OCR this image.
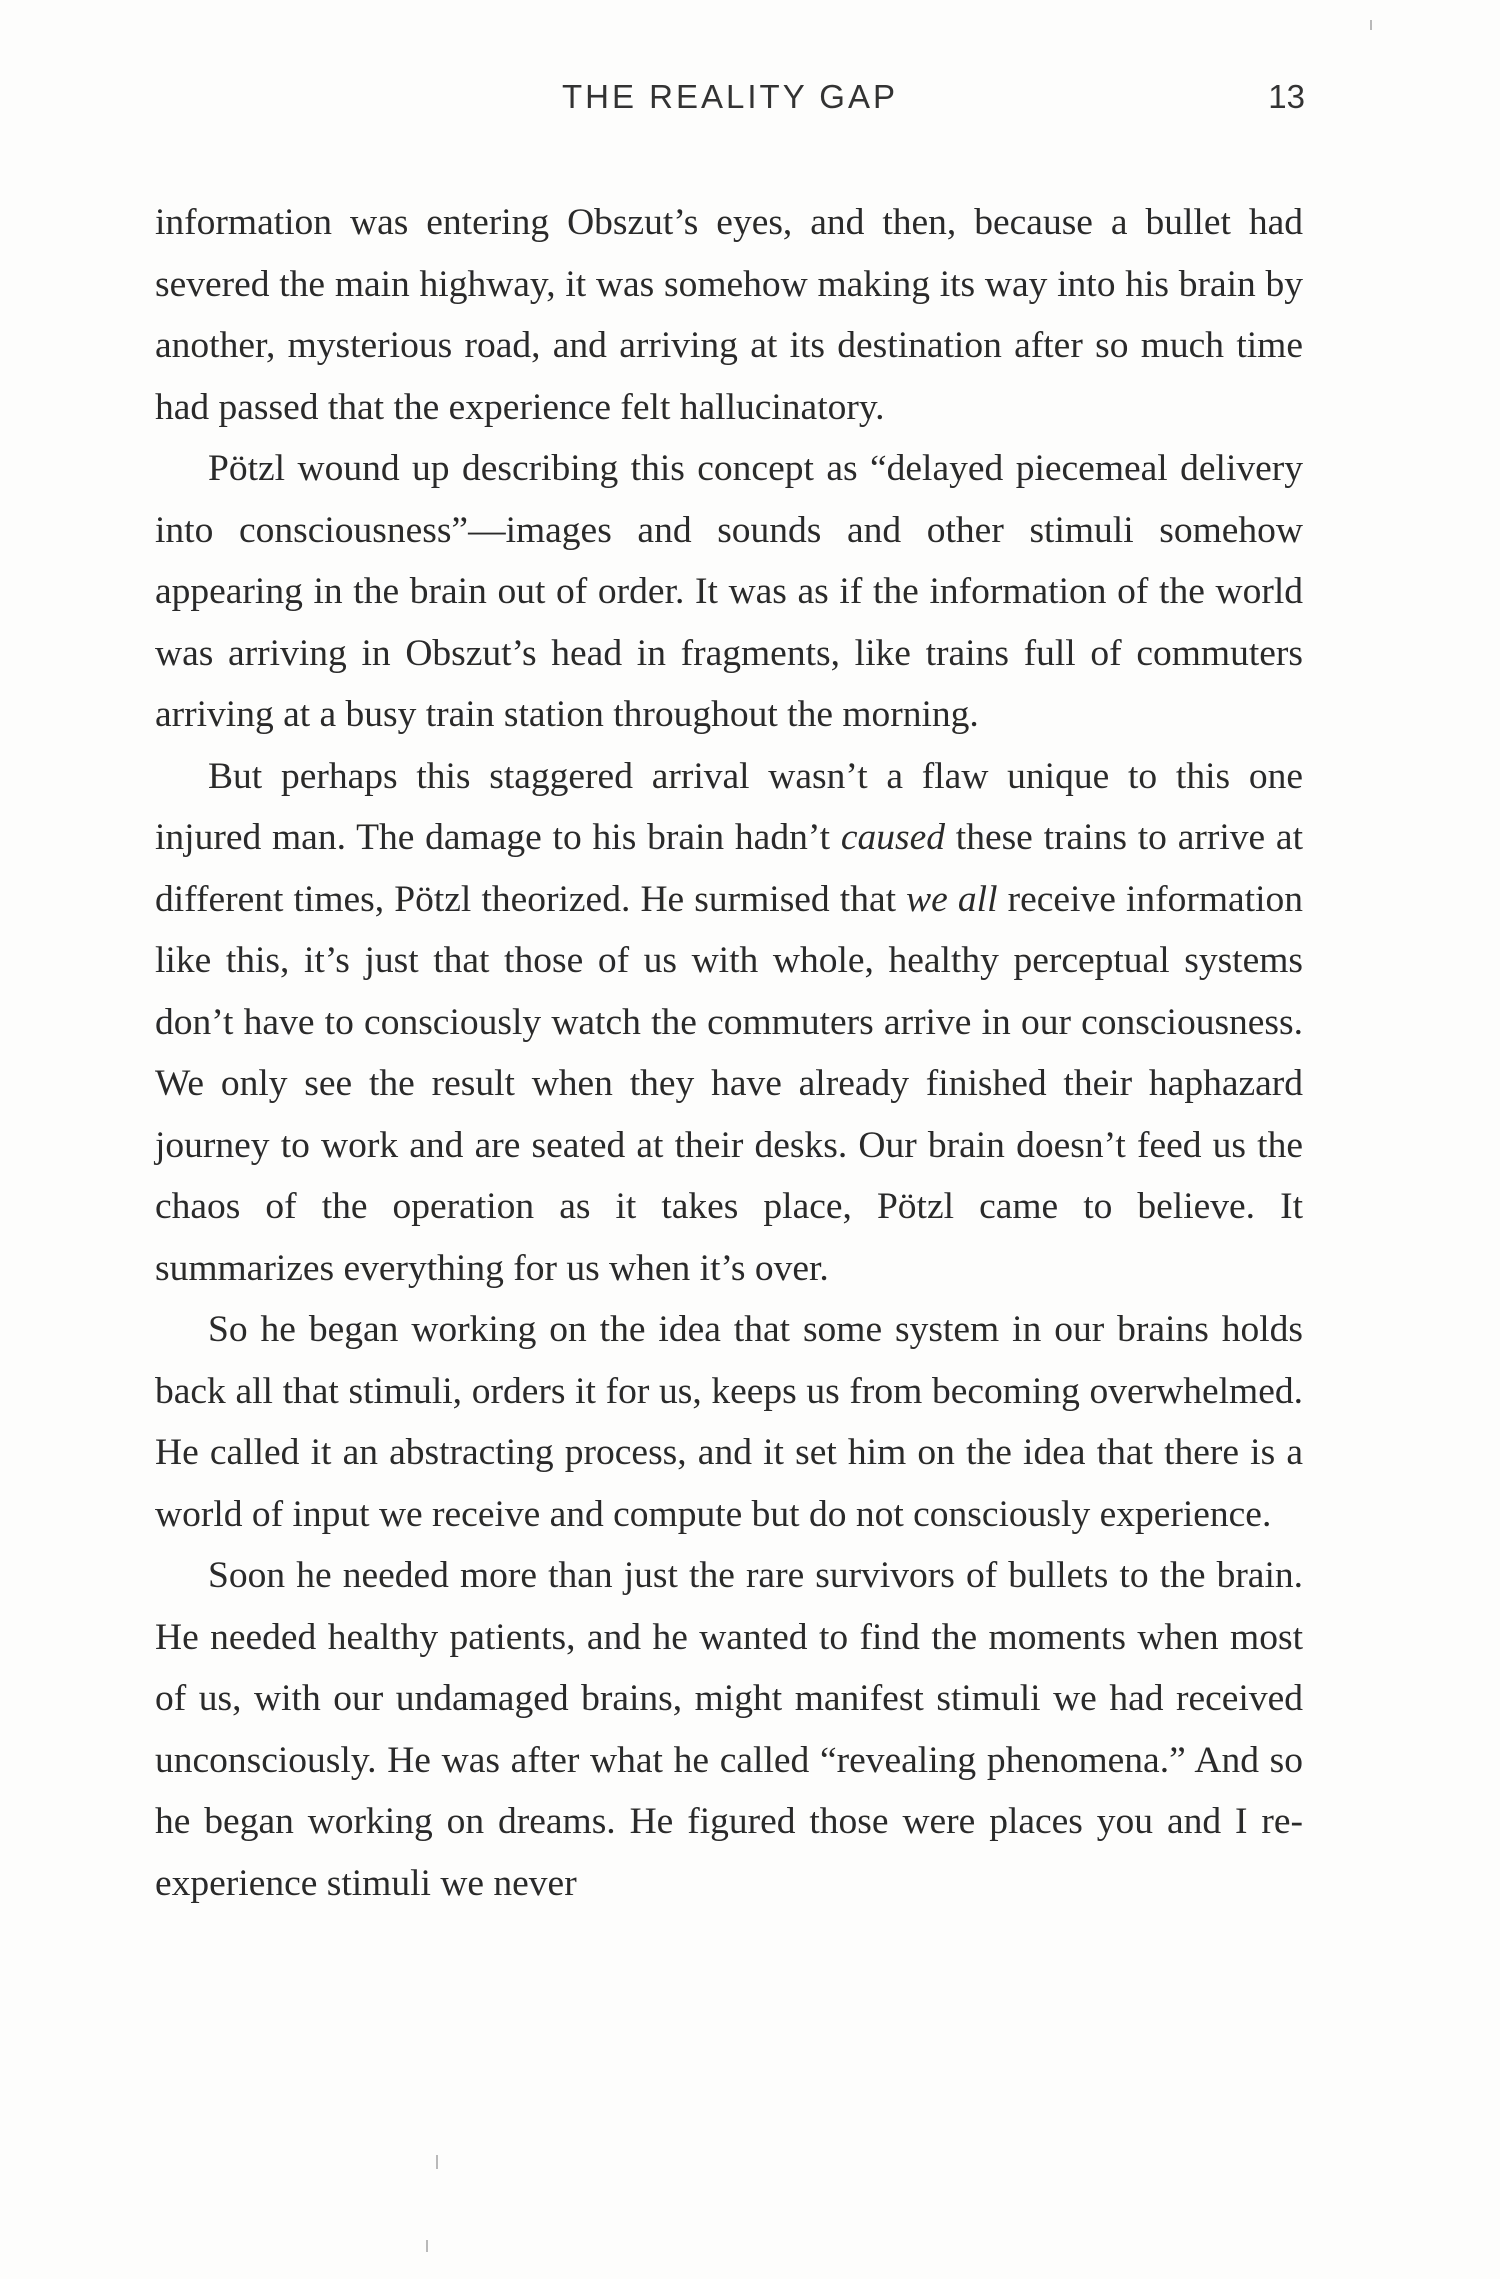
THE REALITY GAP	13

information was entering Obszut’s eyes, and then, because a bullet had severed the main highway, it was somehow making its way into his brain by another, mysterious road, and arriving at its destination after so much time had passed that the experience felt hallucinatory.

Pötzl wound up describing this concept as “delayed piecemeal delivery into consciousness”—images and sounds and other stimuli somehow appearing in the brain out of order. It was as if the information of the world was arriving in Obszut’s head in fragments, like trains full of commuters arriving at a busy train station throughout the morning.

But perhaps this staggered arrival wasn’t a flaw unique to this one injured man. The damage to his brain hadn’t caused these trains to arrive at different times, Pötzl theorized. He surmised that we all receive information like this, it’s just that those of us with whole, healthy perceptual systems don’t have to consciously watch the commuters arrive in our consciousness. We only see the result when they have already finished their haphazard journey to work and are seated at their desks. Our brain doesn’t feed us the chaos of the operation as it takes place, Pötzl came to believe. It summarizes everything for us when it’s over.

So he began working on the idea that some system in our brains holds back all that stimuli, orders it for us, keeps us from becoming overwhelmed. He called it an abstracting process, and it set him on the idea that there is a world of input we receive and compute but do not consciously experience.

Soon he needed more than just the rare survivors of bullets to the brain. He needed healthy patients, and he wanted to find the moments when most of us, with our undamaged brains, might manifest stimuli we had received unconsciously. He was after what he called “revealing phenomena.” And so he began working on dreams. He figured those were places you and I re-experience stimuli we never
